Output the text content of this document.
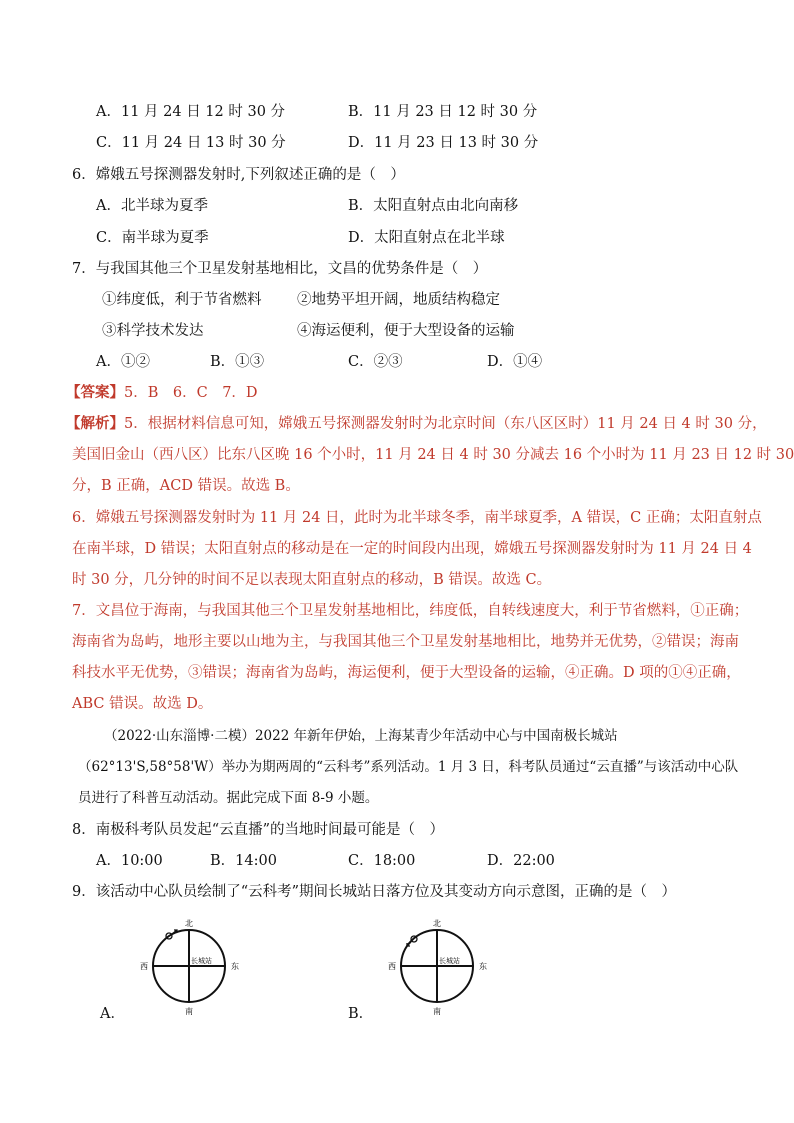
A．11 月 24 日 12 时 30 分	B．11 月 23 日 12 时 30 分
C．11 月 24 日 13 时 30 分	D．11 月 23 日 13 时 30 分
6．嫦娥五号探测器发射时,下列叙述正确的是（　）
A．北半球为夏季	B．太阳直射点由北向南移
C．南半球为夏季	D．太阳直射点在北半球
7．与我国其他三个卫星发射基地相比，文昌的优势条件是（　）
①纬度低，利于节省燃料 ②地势平坦开阔，地质结构稳定
③科学技术发达	④海运便利，便于大型设备的运输
A．①②	B．①③	C．②③	D．①④
【答案】5．B　6．C　7．D
【解析】5．根据材料信息可知，嫦娥五号探测器发射时为北京时间（东八区区时）11 月 24 日 4 时 30 分，
美国旧金山（西八区）比东八区晚 16 个小时，11 月 24 日 4 时 30 分减去 16 个小时为 11 月 23 日 12 时 30
分，B 正确，ACD 错误。故选 B。
6．嫦娥五号探测器发射时为 11 月 24 日，此时为北半球冬季，南半球夏季，A 错误，C 正确；太阳直射点
在南半球，D 错误；太阳直射点的移动是在一定的时间段内出现，嫦娥五号探测器发射时为 11 月 24 日 4
时 30 分，几分钟的时间不足以表现太阳直射点的移动，B 错误。故选 C。
7．文昌位于海南，与我国其他三个卫星发射基地相比，纬度低，自转线速度大，利于节省燃料，①正确；
海南省为岛屿，地形主要以山地为主，与我国其他三个卫星发射基地相比，地势并无优势，②错误；海南
科技水平无优势，③错误；海南省为岛屿，海运便利，便于大型设备的运输，④正确。D 项的①④正确，
ABC 错误。故选 D。
（2022·山东淄博·二模）2022 年新年伊始，上海某青少年活动中心与中国南极长城站
（62°13'S,58°58'W）举办为期两周的“云科考”系列活动。1 月 3 日，科考队员通过“云直播”与该活动中心队
员进行了科普互动活动。据此完成下面 8-9 小题。
8．南极科考队员发起“云直播”的当地时间最可能是（　）
A．10:00	B．14:00	C．18:00	D．22:00
9．该活动中心队员绘制了“云科考”期间长城站日落方位及其变动方向示意图，正确的是（　）
北
南
东
西
长城站
A．
北
南
东
西
长城站
B．
